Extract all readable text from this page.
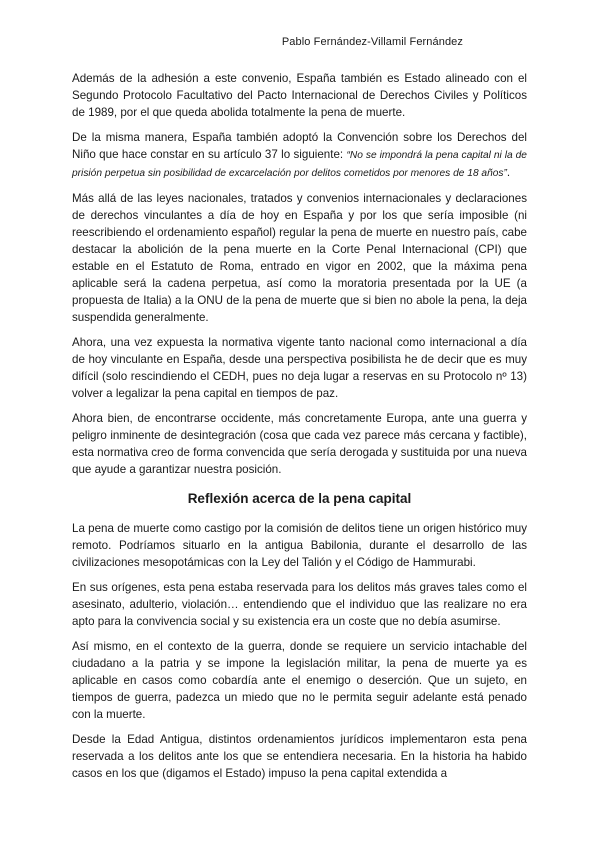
Pablo Fernández-Villamil Fernández

Además de la adhesión a este convenio, España también es Estado alineado con el Segundo Protocolo Facultativo del Pacto Internacional de Derechos Civiles y Políticos de 1989, por el que queda abolida totalmente la pena de muerte.

De la misma manera, España también adoptó la Convención sobre los Derechos del Niño que hace constar en su artículo 37 lo siguiente: “No se impondrá la pena capital ni la de prisión perpetua sin posibilidad de excarcelación por delitos cometidos por menores de 18 años”.

Más allá de las leyes nacionales, tratados y convenios internacionales y declaraciones de derechos vinculantes a día de hoy en España y por los que sería imposible (ni reescribiendo el ordenamiento español) regular la pena de muerte en nuestro país, cabe destacar la abolición de la pena muerte en la Corte Penal Internacional (CPI) que estable en el Estatuto de Roma, entrado en vigor en 2002, que la máxima pena aplicable será la cadena perpetua, así como la moratoria presentada por la UE (a propuesta de Italia) a la ONU de la pena de muerte que si bien no abole la pena, la deja suspendida generalmente.

Ahora, una vez expuesta la normativa vigente tanto nacional como internacional a día de hoy vinculante en España, desde una perspectiva posibilista he de decir que es muy difícil (solo rescindiendo el CEDH, pues no deja lugar a reservas en su Protocolo nº 13) volver a legalizar la pena capital en tiempos de paz.

Ahora bien, de encontrarse occidente, más concretamente Europa, ante una guerra y peligro inminente de desintegración (cosa que cada vez parece más cercana y factible), esta normativa creo de forma convencida que sería derogada y sustituida por una nueva que ayude a garantizar nuestra posición.

Reflexión acerca de la pena capital

La pena de muerte como castigo por la comisión de delitos tiene un origen histórico muy remoto. Podríamos situarlo en la antigua Babilonia, durante el desarrollo de las civilizaciones mesopotámicas con la Ley del Talión y el Código de Hammurabi.

En sus orígenes, esta pena estaba reservada para los delitos más graves tales como el asesinato, adulterio, violación… entendiendo que el individuo que las realizare no era apto para la convivencia social y su existencia era un coste que no debía asumirse.

Así mismo, en el contexto de la guerra, donde se requiere un servicio intachable del ciudadano a la patria y se impone la legislación militar, la pena de muerte ya es aplicable en casos como cobardía ante el enemigo o deserción. Que un sujeto, en tiempos de guerra, padezca un miedo que no le permita seguir adelante está penado con la muerte.

Desde la Edad Antigua, distintos ordenamientos jurídicos implementaron esta pena reservada a los delitos ante los que se entendiera necesaria. En la historia ha habido casos en los que (digamos el Estado) impuso la pena capital extendida a
